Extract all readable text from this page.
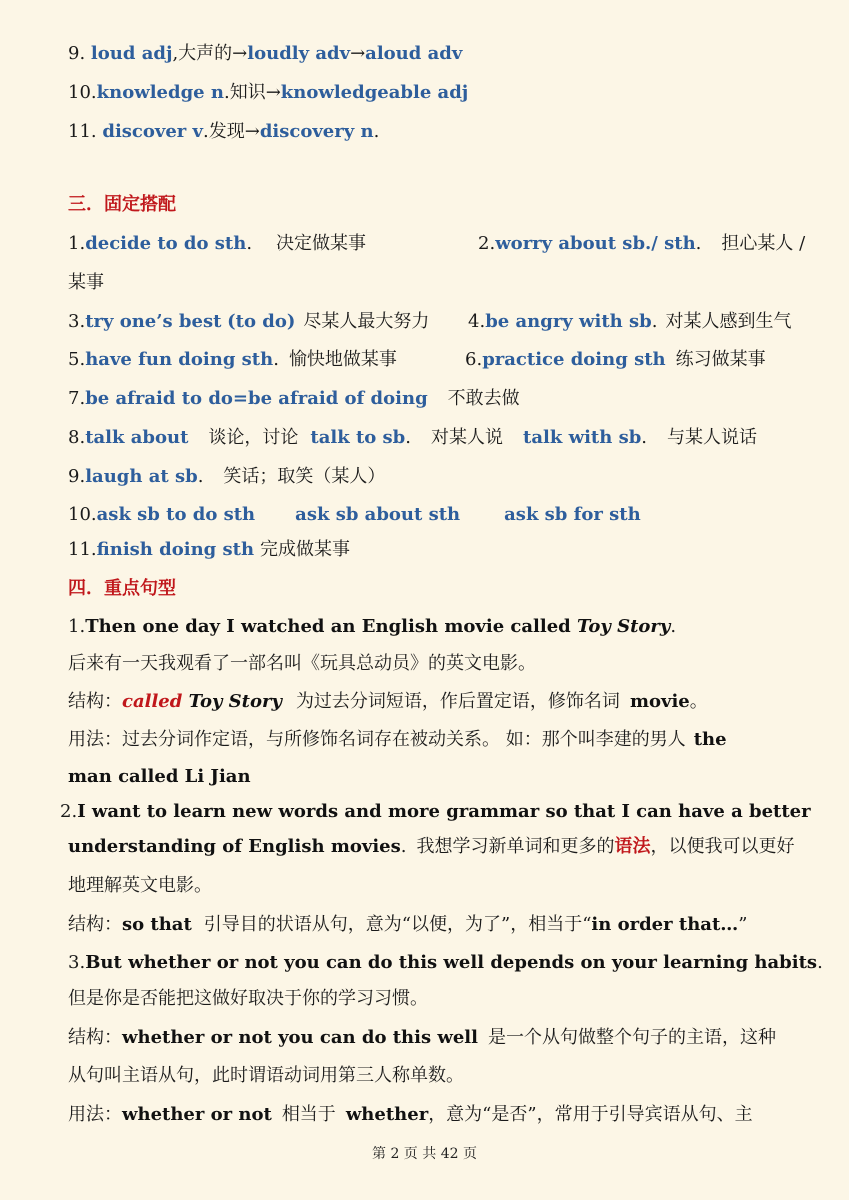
9. loud adj,大声的→loudly adv→aloud adv
10.knowledge n.知识→knowledgeable adj
11. discover v.发现→discovery n.
三．固定搭配
1.decide to do sth. 决定做某事	2.worry about sb./ sth. 担心某人 /
某事
3.try one’s best (to do) 尽某人最大努力 4.be angry with sb. 对某人感到生气
5.have fun doing sth. 愉快地做某事	6.practice doing sth 练习做某事
7.be afraid to do=be afraid of doing 不敢去做
8.talk about 谈论，讨论 talk to sb. 对某人说 talk with sb. 与某人说话
9.laugh at sb. 笑话；取笑（某人）
10.ask sb to do sth ask sb about sth ask sb for sth
11.finish doing sth 完成做某事
四．重点句型
1.Then one day I watched an English movie called Toy Story.
后来有一天我观看了一部名叫《玩具总动员》的英文电影。
结构：called Toy Story 为过去分词短语，作后置定语，修饰名词 movie。
用法：过去分词作定语，与所修饰名词存在被动关系。 如：那个叫李建的男人 the
man called Li Jian
2.I want to learn new words and more grammar so that I can have a better
understanding of English movies. 我想学习新单词和更多的语法，以便我可以更好
地理解英文电影。
结构：so that 引导目的状语从句，意为“以便，为了”，相当于“in order that…”
3.But whether or not you can do this well depends on your learning habits.
但是你是否能把这做好取决于你的学习习惯。
结构：whether or not you can do this well 是一个从句做整个句子的主语，这种
从句叫主语从句，此时谓语动词用第三人称单数。
用法：whether or not 相当于 whether，意为“是否”，常用于引导宾语从句、主
第 2 页 共 42 页
